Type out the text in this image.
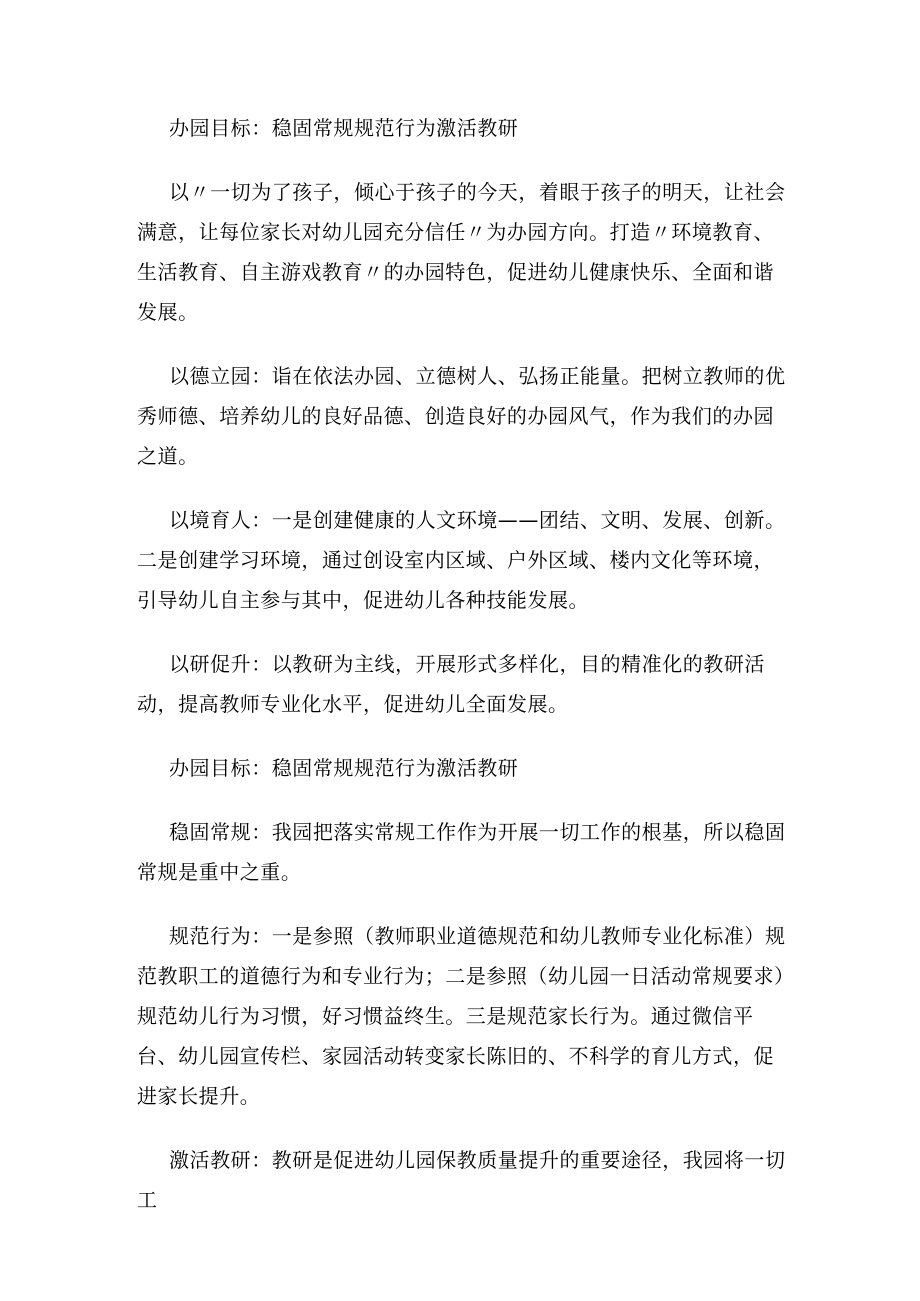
办园目标：稳固常规规范行为激活教研

以〃一切为了孩子，倾心于孩子的今天，着眼于孩子的明天，让社会满意，让每位家长对幼儿园充分信任〃为办园方向。打造〃环境教育、生活教育、自主游戏教育〃的办园特色，促进幼儿健康快乐、全面和谐发展。

以德立园：诣在依法办园、立德树人、弘扬正能量。把树立教师的优秀师德、培养幼儿的良好品德、创造良好的办园风气，作为我们的办园之道。

以境育人：一是创建健康的人文环境——团结、文明、发展、创新。二是创建学习环境，通过创设室内区域、户外区域、楼内文化等环境，引导幼儿自主参与其中，促进幼儿各种技能发展。

以研促升：以教研为主线，开展形式多样化，目的精准化的教研活动，提高教师专业化水平，促进幼儿全面发展。

办园目标：稳固常规规范行为激活教研

稳固常规：我园把落实常规工作作为开展一切工作的根基，所以稳固常规是重中之重。

规范行为：一是参照（教师职业道德规范和幼儿教师专业化标准）规范教职工的道德行为和专业行为；二是参照（幼儿园一日活动常规要求）规范幼儿行为习惯，好习惯益终生。三是规范家长行为。通过微信平台、幼儿园宣传栏、家园活动转变家长陈旧的、不科学的育儿方式，促进家长提升。

激活教研：教研是促进幼儿园保教质量提升的重要途径，我园将一切工
